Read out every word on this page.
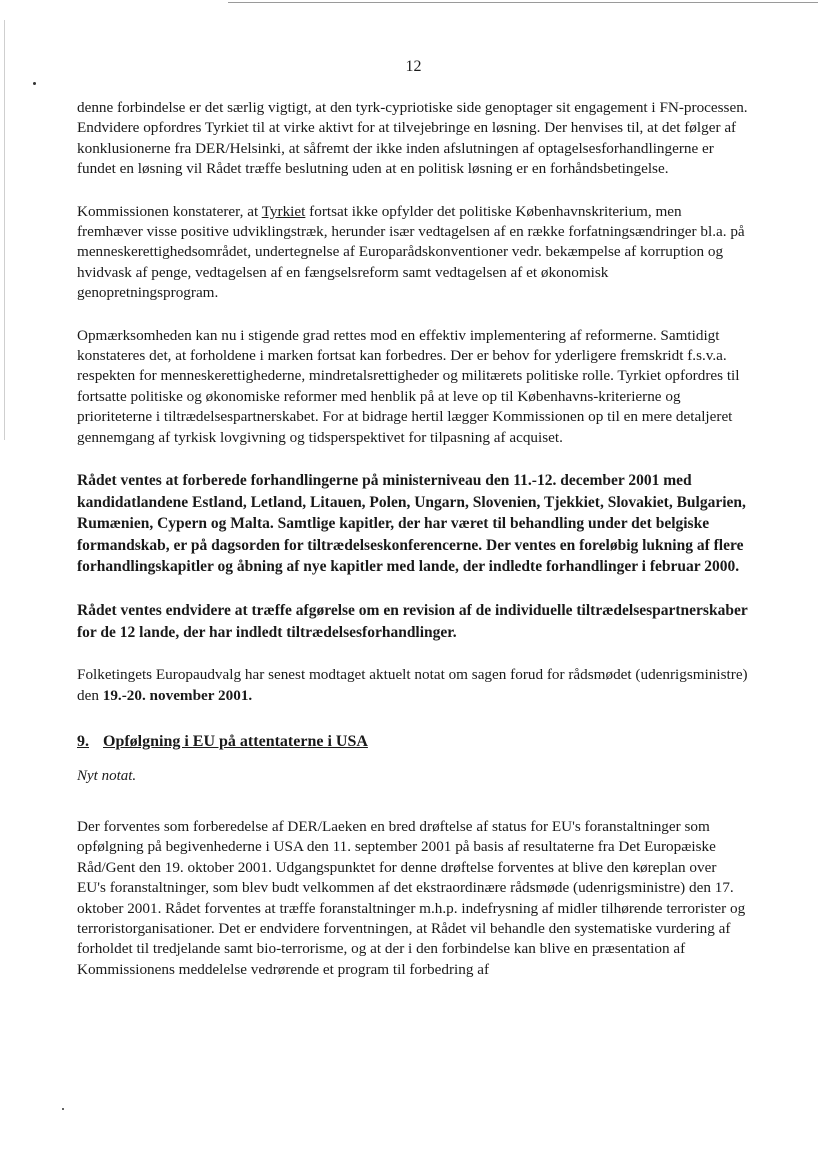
12

denne forbindelse er det særlig vigtigt, at den tyrk-cypriotiske side genoptager sit engagement i FN-processen. Endvidere opfordres Tyrkiet til at virke aktivt for at tilvejebringe en løsning. Der henvises til, at det følger af konklusionerne fra DER/Helsinki, at såfremt der ikke inden afslutningen af optagelsesforhandlingerne er fundet en løsning vil Rådet træffe beslutning uden at en politisk løsning er en forhåndsbetingelse.

Kommissionen konstaterer, at Tyrkiet fortsat ikke opfylder det politiske Københavnskriterium, men fremhæver visse positive udviklingstræk, herunder især vedtagelsen af en række forfatningsændringer bl.a. på menneskerettighedsområdet, undertegnelse af Europarådskonventioner vedr. bekæmpelse af korruption og hvidvask af penge, vedtagelsen af en fængselsreform samt vedtagelsen af et økonomisk genopretningsprogram.

Opmærksomheden kan nu i stigende grad rettes mod en effektiv implementering af reformerne. Samtidigt konstateres det, at forholdene i marken fortsat kan forbedres. Der er behov for yderligere fremskridt f.s.v.a. respekten for menneskerettighederne, mindretalsrettigheder og militærets politiske rolle. Tyrkiet opfordres til fortsatte politiske og økonomiske reformer med henblik på at leve op til Københavns-kriterierne og prioriteterne i tiltrædelsespartnerskabet. For at bidrage hertil lægger Kommissionen op til en mere detaljeret gennemgang af tyrkisk lovgivning og tidsperspektivet for tilpasning af acquiset.

Rådet ventes at forberede forhandlingerne på ministerniveau den 11.-12. december 2001 med kandidatlandene Estland, Letland, Litauen, Polen, Ungarn, Slovenien, Tjekkiet, Slovakiet, Bulgarien, Rumænien, Cypern og Malta. Samtlige kapitler, der har været til behandling under det belgiske formandskab, er på dagsorden for tiltrædelseskonferencerne. Der ventes en foreløbig lukning af flere forhandlingskapitler og åbning af nye kapitler med lande, der indledte forhandlinger i februar 2000.

Rådet ventes endvidere at træffe afgørelse om en revision af de individuelle tiltrædelsespartnerskaber for de 12 lande, der har indledt tiltrædelsesforhandlinger.

Folketingets Europaudvalg har senest modtaget aktuelt notat om sagen forud for rådsmødet (udenrigsministre) den 19.-20. november 2001.

9. Opfølgning i EU på attentaterne i USA

Nyt notat.

Der forventes som forberedelse af DER/Laeken en bred drøftelse af status for EU's foranstaltninger som opfølgning på begivenhederne i USA den 11. september 2001 på basis af resultaterne fra Det Europæiske Råd/Gent den 19. oktober 2001. Udgangspunktet for denne drøftelse forventes at blive den køreplan over EU's foranstaltninger, som blev budt velkommen af det ekstraordinære rådsmøde (udenrigsministre) den 17. oktober 2001. Rådet forventes at træffe foranstaltninger m.h.p. indefrysning af midler tilhørende terrorister og terroristorganisationer. Det er endvidere forventningen, at Rådet vil behandle den systematiske vurdering af forholdet til tredjelande samt bio-terrorisme, og at der i den forbindelse kan blive en præsentation af Kommissionens meddelelse vedrørende et program til forbedring af
